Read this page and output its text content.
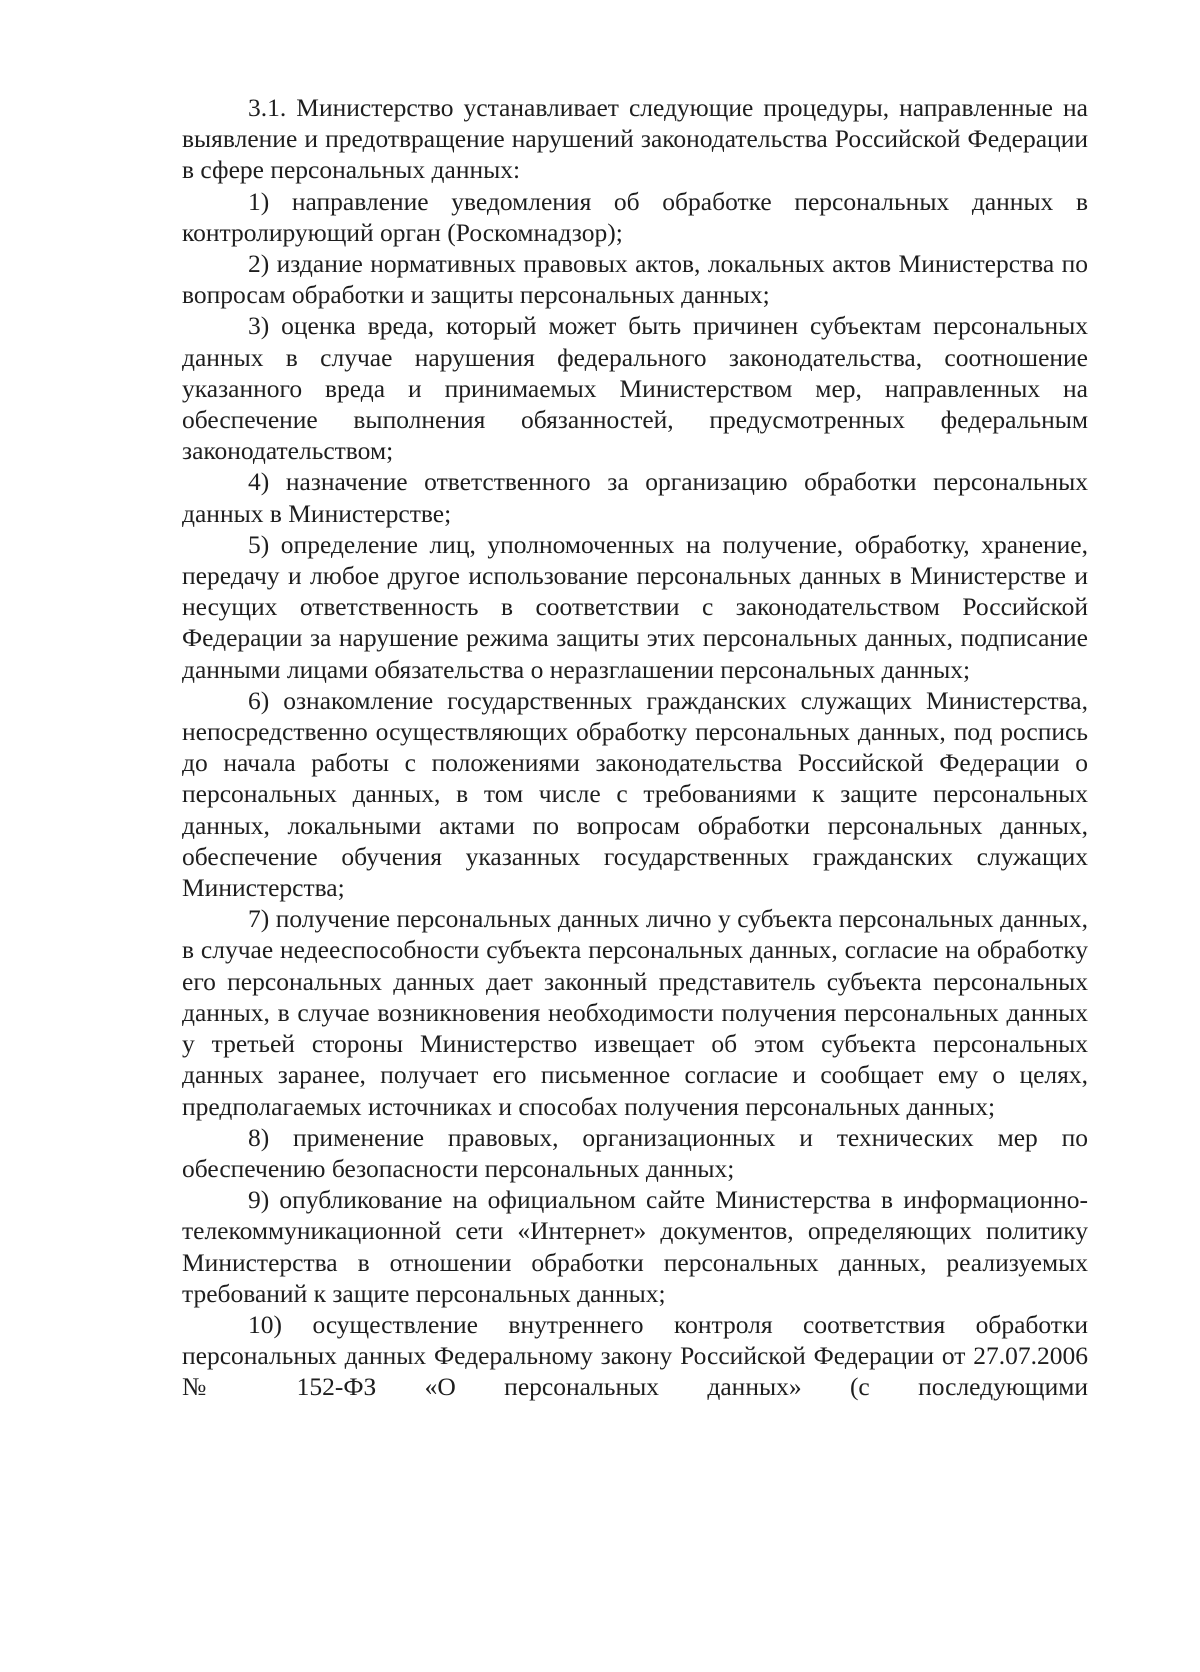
3.1. Министерство устанавливает следующие процедуры, направленные на выявление и предотвращение нарушений законодательства Российской Федерации в сфере персональных данных:

1) направление уведомления об обработке персональных данных в контролирующий орган (Роскомнадзор);

2) издание нормативных правовых актов, локальных актов Министерства по вопросам обработки и защиты персональных данных;

3) оценка вреда, который может быть причинен субъектам персональных данных в случае нарушения федерального законодательства, соотношение указанного вреда и принимаемых Министерством мер, направленных на обеспечение выполнения обязанностей, предусмотренных федеральным законодательством;

4) назначение ответственного за организацию обработки персональных данных в Министерстве;

5) определение лиц, уполномоченных на получение, обработку, хранение, передачу и любое другое использование персональных данных в Министерстве и несущих ответственность в соответствии с законодательством Российской Федерации за нарушение режима защиты этих персональных данных, подписание данными лицами обязательства о неразглашении персональных данных;

6) ознакомление государственных гражданских служащих Министерства, непосредственно осуществляющих обработку персональных данных, под роспись до начала работы с положениями законодательства Российской Федерации о персональных данных, в том числе с требованиями к защите персональных данных, локальными актами по вопросам обработки персональных данных, обеспечение обучения указанных государственных гражданских служащих Министерства;

7) получение персональных данных лично у субъекта персональных данных, в случае недееспособности субъекта персональных данных, согласие на обработку его персональных данных дает законный представитель субъекта персональных данных, в случае возникновения необходимости получения персональных данных у третьей стороны Министерство извещает об этом субъекта персональных данных заранее, получает его письменное согласие и сообщает ему о целях, предполагаемых источниках и способах получения персональных данных;

8) применение правовых, организационных и технических мер по обеспечению безопасности персональных данных;

9) опубликование на официальном сайте Министерства в информационно-телекоммуникационной сети «Интернет» документов, определяющих политику Министерства в отношении обработки персональных данных, реализуемых требований к защите персональных данных;

10) осуществление внутреннего контроля соответствия обработки персональных данных Федеральному закону Российской Федерации от 27.07.2006 № 152-ФЗ «О персональных данных» (с последующими
